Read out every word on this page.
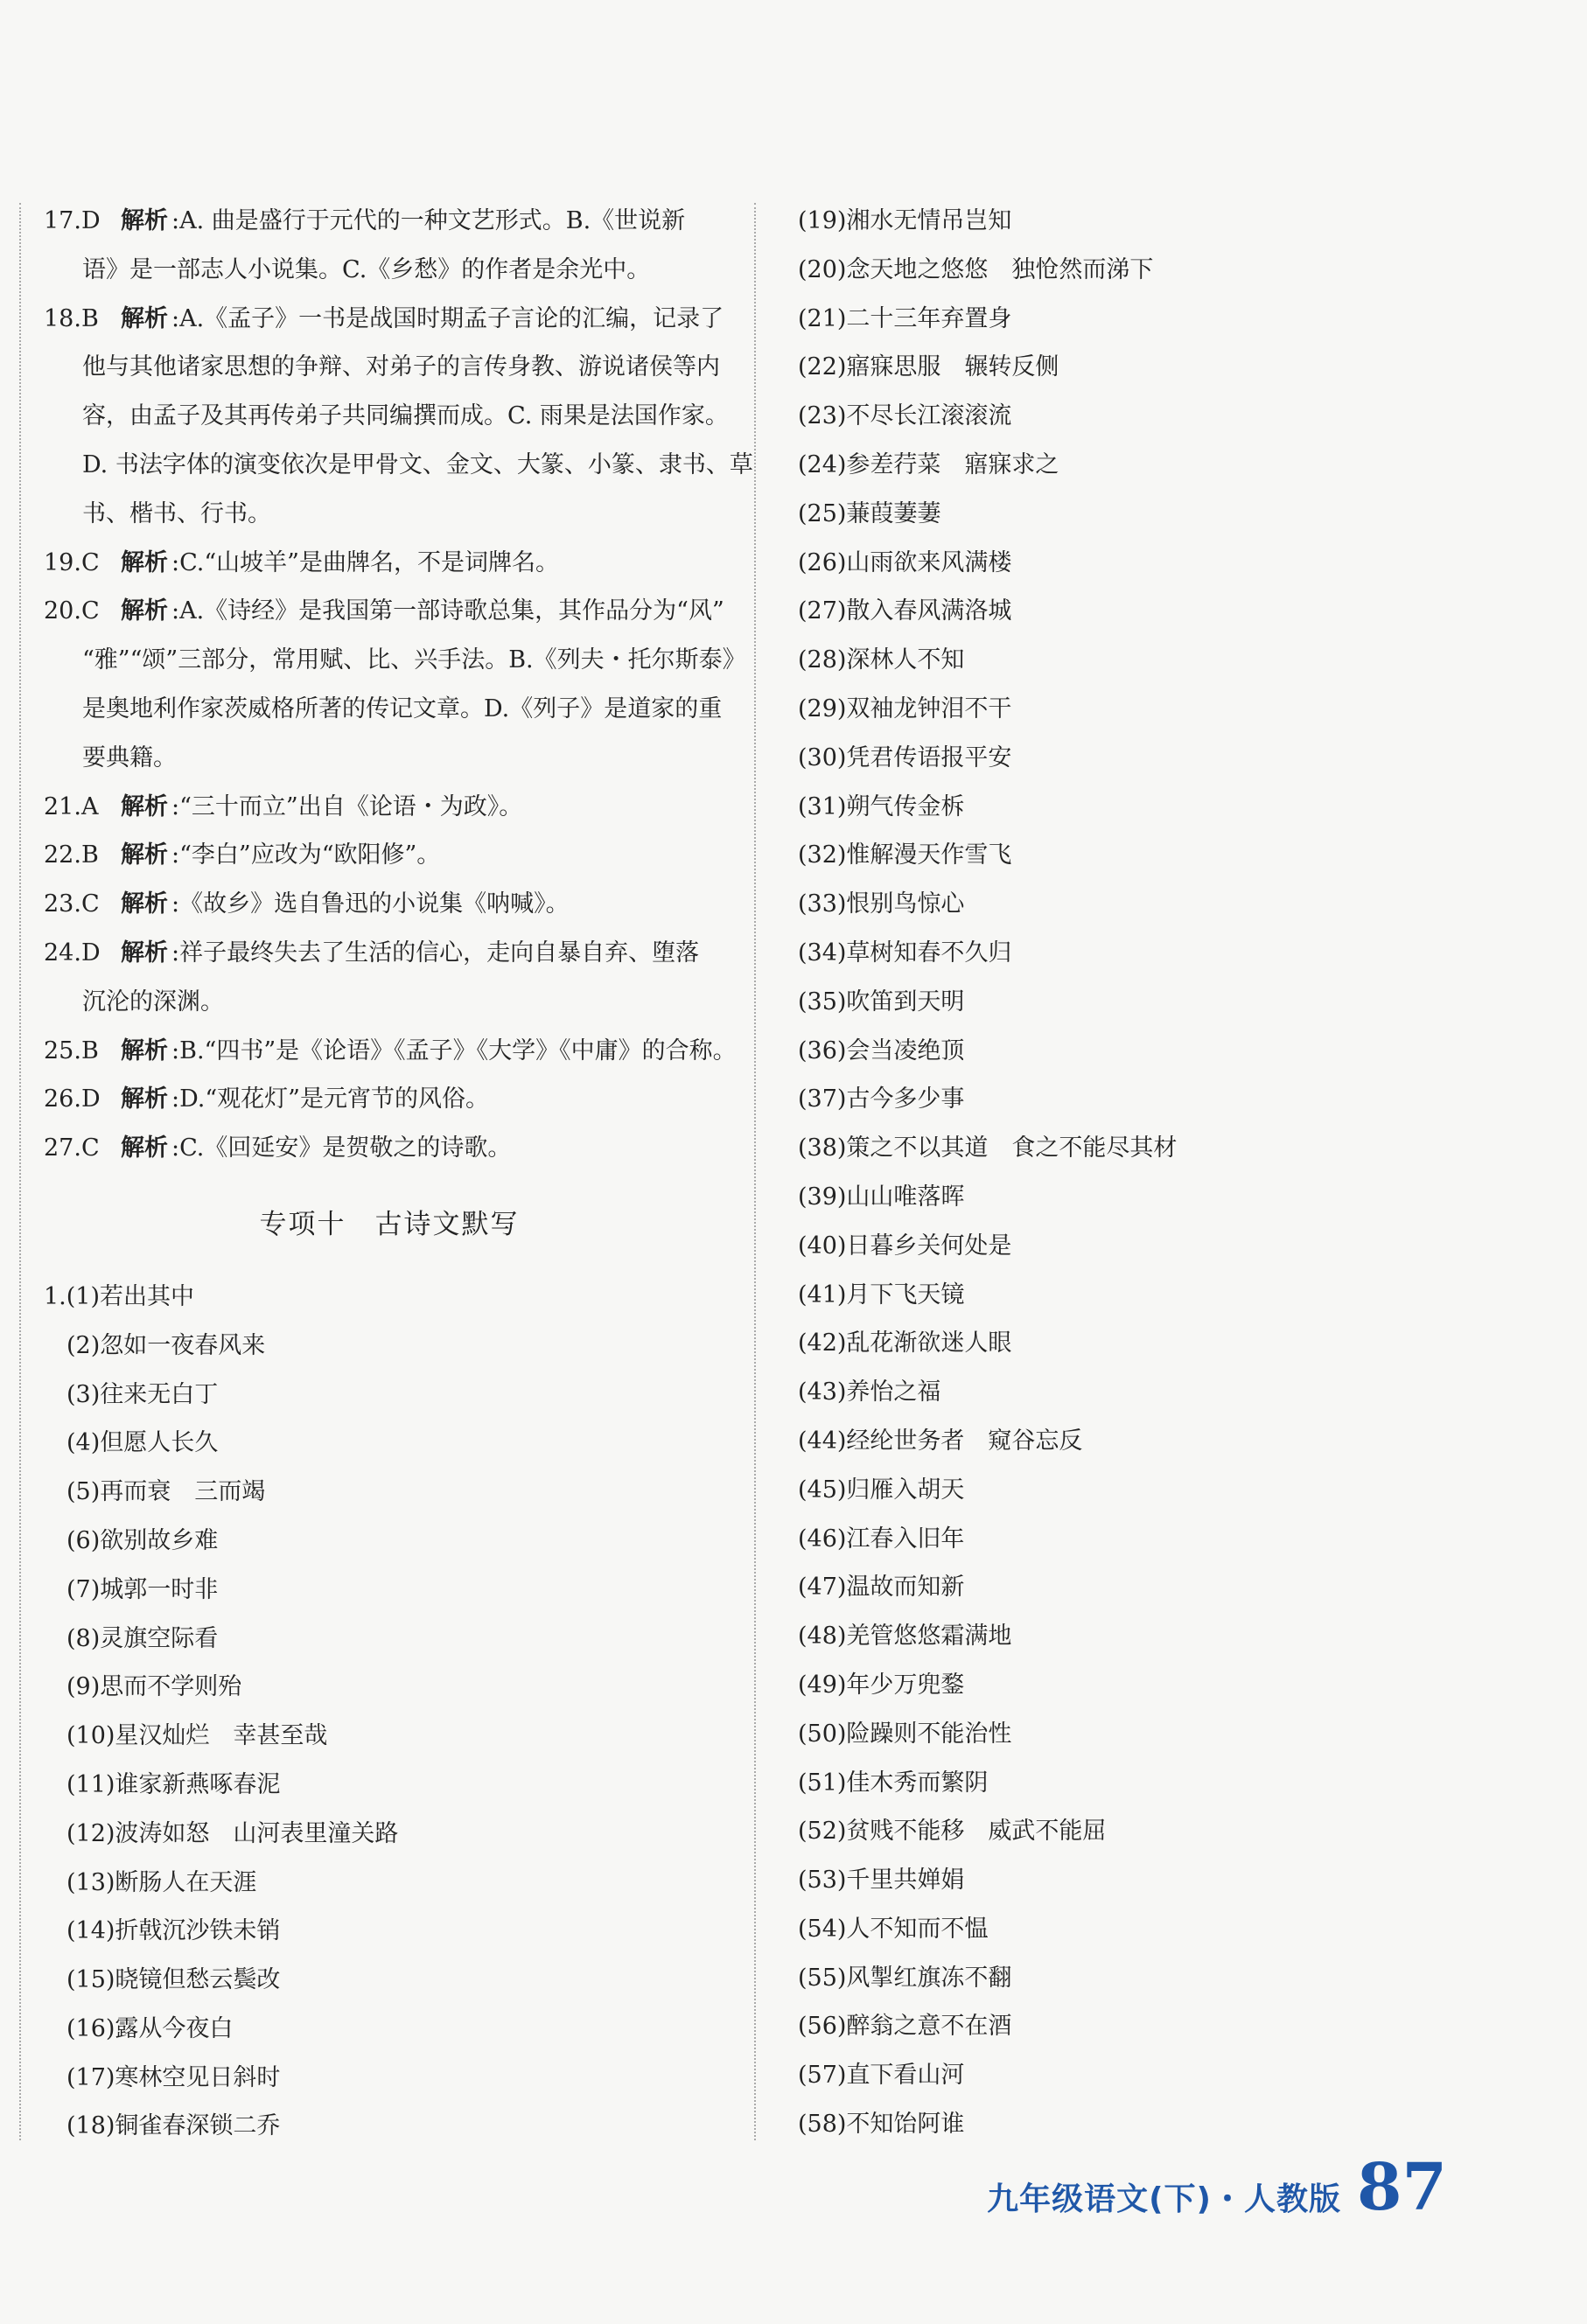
17.D 解析 :A. 曲是盛行于元代的一种文艺形式。B.《世说新
语》是一部志人小说集。C.《乡愁》的作者是余光中。
18.B 解析 :A.《孟子》一书是战国时期孟子言论的汇编，记录了
他与其他诸家思想的争辩、对弟子的言传身教、游说诸侯等内
容，由孟子及其再传弟子共同编撰而成。C. 雨果是法国作家。
D. 书法字体的演变依次是甲骨文、金文、大篆、小篆、隶书、草
书、楷书、行书。
19.C 解析 :C.“山坡羊”是曲牌名，不是词牌名。
20.C 解析 :A.《诗经》是我国第一部诗歌总集，其作品分为“风”
“雅”“颂”三部分，常用赋、比、兴手法。B.《列夫・托尔斯泰》
是奥地利作家茨威格所著的传记文章。D.《列子》是道家的重
要典籍。
21.A 解析 :“三十而立”出自《论语・为政》。
22.B 解析 :“李白”应改为“欧阳修”。
23.C 解析 :《故乡》选自鲁迅的小说集《呐喊》。
24.D 解析 :祥子最终失去了生活的信心，走向自暴自弃、堕落
沉沦的深渊。
25.B 解析 :B.“四书”是《论语》《孟子》《大学》《中庸》的合称。
26.D 解析 :D.“观花灯”是元宵节的风俗。
27.C 解析 :C.《回延安》是贺敬之的诗歌。
专项十　古诗文默写
1.(1)若出其中
(2)忽如一夜春风来
(3)往来无白丁
(4)但愿人长久
(5)再而衰　三而竭
(6)欲别故乡难
(7)城郭一时非
(8)灵旗空际看
(9)思而不学则殆
(10)星汉灿烂　幸甚至哉
(11)谁家新燕啄春泥
(12)波涛如怒　山河表里潼关路
(13)断肠人在天涯
(14)折戟沉沙铁未销
(15)晓镜但愁云鬓改
(16)露从今夜白
(17)寒林空见日斜时
(18)铜雀春深锁二乔
(19)湘水无情吊岂知
(20)念天地之悠悠　独怆然而涕下
(21)二十三年弃置身
(22)寤寐思服　辗转反侧
(23)不尽长江滚滚流
(24)参差荇菜　寤寐求之
(25)蒹葭萋萋
(26)山雨欲来风满楼
(27)散入春风满洛城
(28)深林人不知
(29)双袖龙钟泪不干
(30)凭君传语报平安
(31)朔气传金柝
(32)惟解漫天作雪飞
(33)恨别鸟惊心
(34)草树知春不久归
(35)吹笛到天明
(36)会当凌绝顶
(37)古今多少事
(38)策之不以其道　食之不能尽其材
(39)山山唯落晖
(40)日暮乡关何处是
(41)月下飞天镜
(42)乱花渐欲迷人眼
(43)养怡之福
(44)经纶世务者　窥谷忘反
(45)归雁入胡天
(46)江春入旧年
(47)温故而知新
(48)羌管悠悠霜满地
(49)年少万兜鍪
(50)险躁则不能治性
(51)佳木秀而繁阴
(52)贫贱不能移　威武不能屈
(53)千里共婵娟
(54)人不知而不愠
(55)风掣红旗冻不翻
(56)醉翁之意不在酒
(57)直下看山河
(58)不知饴阿谁
九年级语文(下)・人教版 87
